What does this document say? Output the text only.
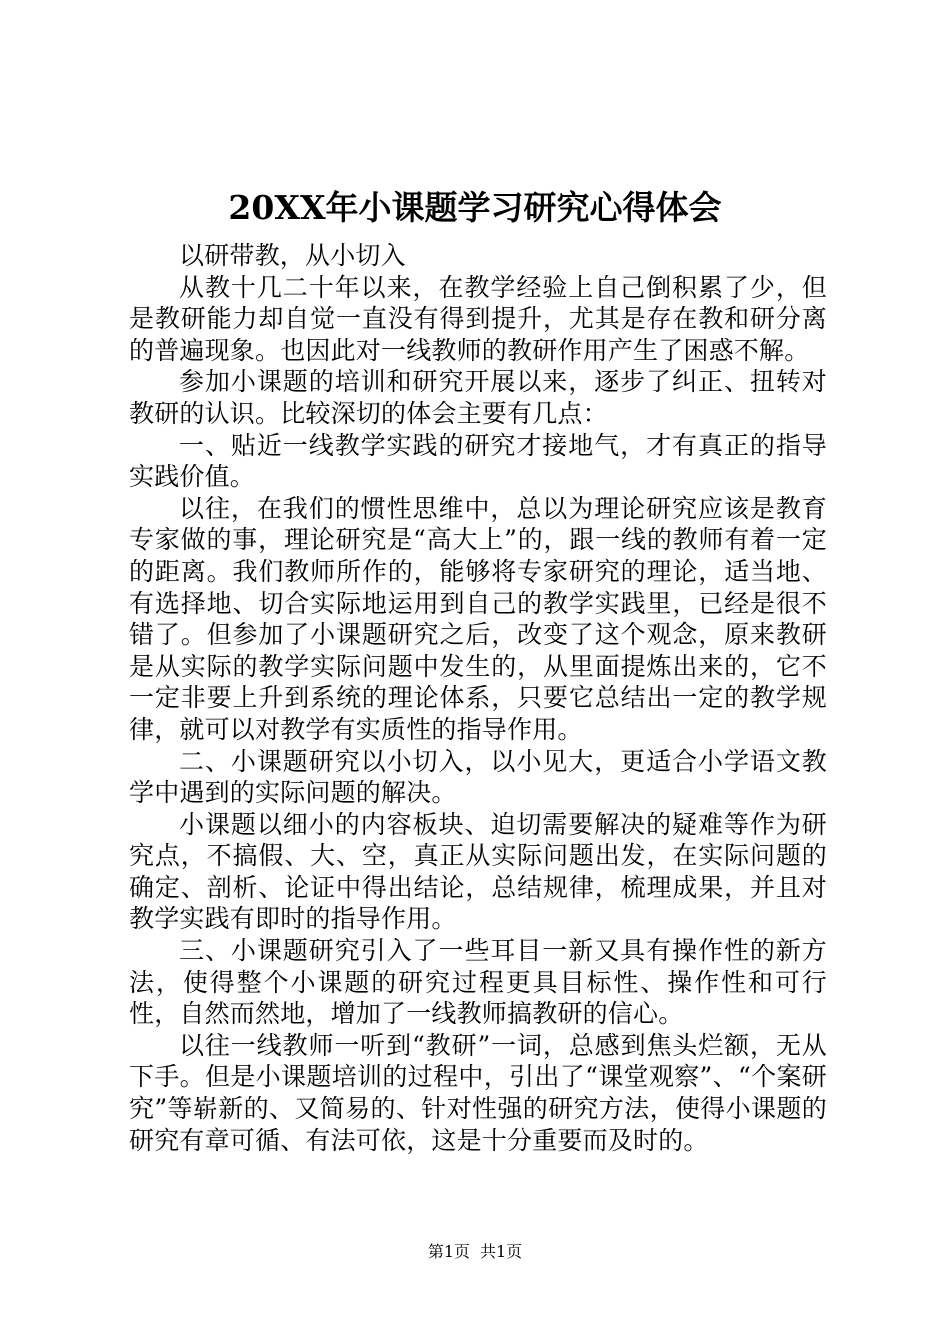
20XX年小课题学习研究心得体会

以研带教，从小切入

从教十几二十年以来，在教学经验上自己倒积累了少，但是教研能力却自觉一直没有得到提升，尤其是存在教和研分离的普遍现象。也因此对一线教师的教研作用产生了困惑不解。

参加小课题的培训和研究开展以来，逐步了纠正、扭转对教研的认识。比较深切的体会主要有几点：

一、贴近一线教学实践的研究才接地气，才有真正的指导实践价值。

以往，在我们的惯性思维中，总以为理论研究应该是教育专家做的事，理论研究是“高大上”的，跟一线的教师有着一定的距离。我们教师所作的，能够将专家研究的理论，适当地、有选择地、切合实际地运用到自己的教学实践里，已经是很不错了。但参加了小课题研究之后，改变了这个观念，原来教研是从实际的教学实际问题中发生的，从里面提炼出来的，它不一定非要上升到系统的理论体系，只要它总结出一定的教学规律，就可以对教学有实质性的指导作用。

二、小课题研究以小切入，以小见大，更适合小学语文教学中遇到的实际问题的解决。

小课题以细小的内容板块、迫切需要解决的疑难等作为研究点，不搞假、大、空，真正从实际问题出发，在实际问题的确定、剖析、论证中得出结论，总结规律，梳理成果，并且对教学实践有即时的指导作用。

三、小课题研究引入了一些耳目一新又具有操作性的新方法，使得整个小课题的研究过程更具目标性、操作性和可行性，自然而然地，增加了一线教师搞教研的信心。

以往一线教师一听到“教研”一词，总感到焦头烂额，无从下手。但是小课题培训的过程中，引出了“课堂观察”、“个案研究”等崭新的、又简易的、针对性强的研究方法，使得小课题的研究有章可循、有法可依，这是十分重要而及时的。

第1页 共1页
